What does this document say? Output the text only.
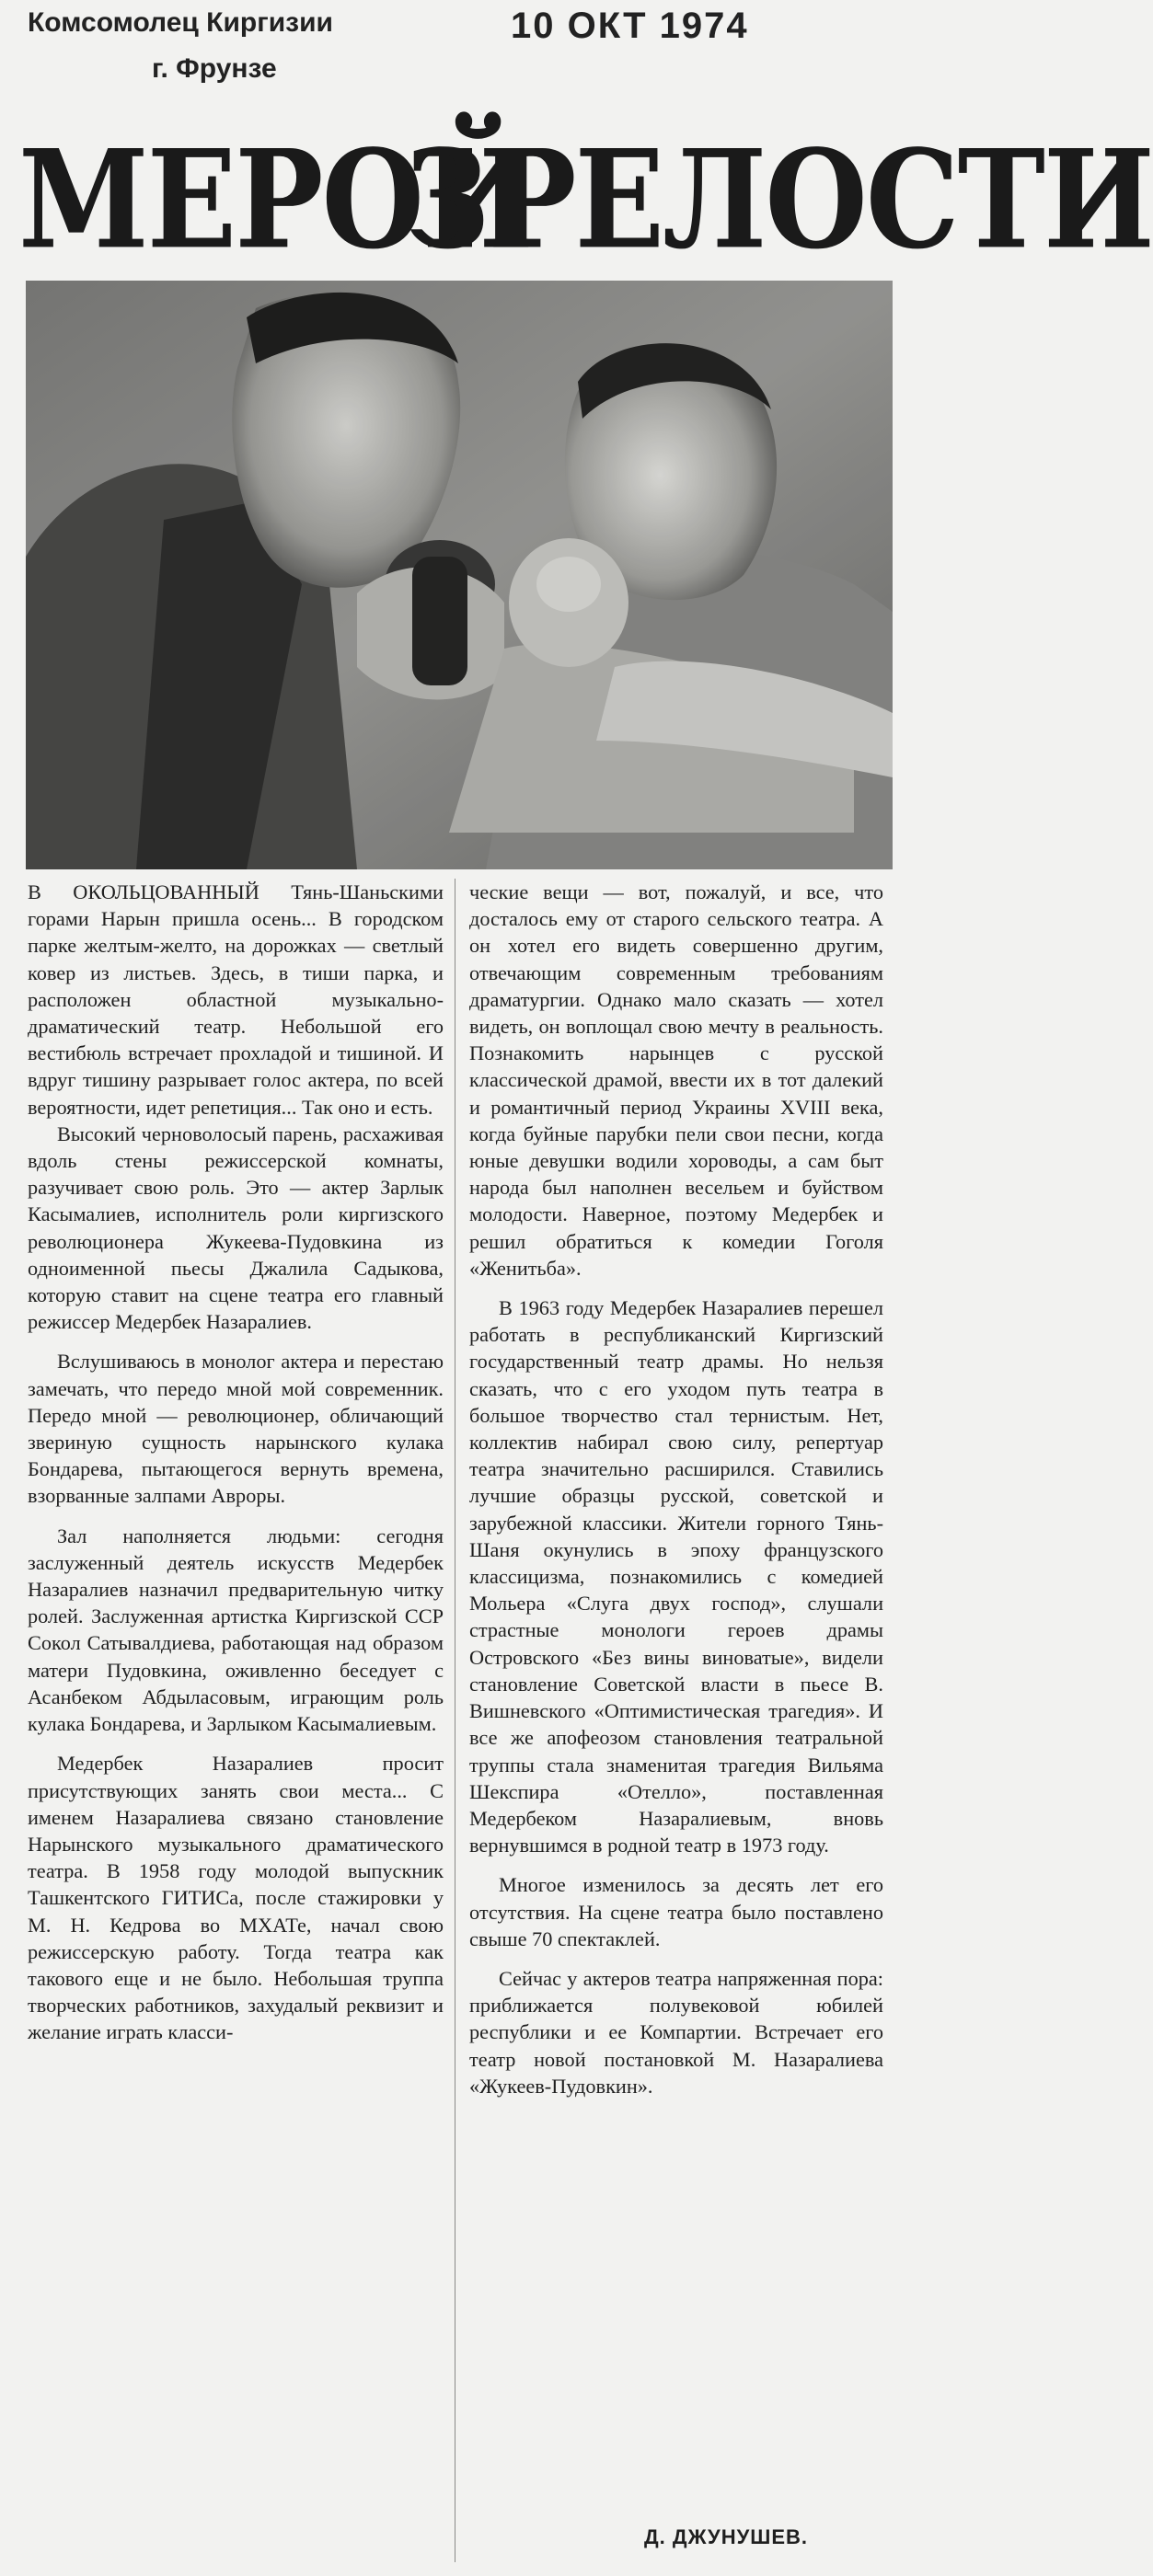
Комсомолец Киргизии	10 ОКТ 1974
г. Фрунзе
МЕРОЙ
ЗРЕЛОСТИ

В ОКОЛЬЦОВАННЫЙ Тянь-Шаньскими горами Нарын пришла осень... В городском парке желтым-желто, на дорожках — светлый ковер из листьев. Здесь, в тиши парка, и расположен областной музыкально-драматический театр. Небольшой его вестибюль встречает прохладой и тишиной. И вдруг тишину разрывает голос актера, по всей вероятности, идет репетиция... Так оно и есть.

Высокий черноволосый парень, расхаживая вдоль стены режиссерской комнаты, разучивает свою роль. Это — актер Зарлык Касымалиев, исполнитель роли киргизского революционера Жукеева-Пудовкина из одноименной пьесы Джалила Садыкова, которую ставит на сцене театра его главный режиссер Медербек Назаралиев.

Вслушиваюсь в монолог актера и перестаю замечать, что передо мной мой современник. Передо мной — революционер, обличающий звериную сущность нарынского кулака Бондарева, пытающегося вернуть времена, взорванные залпами Авроры.

Зал наполняется людьми: сегодня заслуженный деятель искусств Медербек Назаралиев назначил предварительную читку ролей. Заслуженная артистка Киргизской ССР Сокол Сатывалдиева, работающая над образом матери Пудовкина, оживленно беседует с Асанбеком Абдыласовым, играющим роль кулака Бондарева, и Зарлыком Касымалиевым.

Медербек Назаралиев просит присутствующих занять свои места... С именем Назаралиева связано становление Нарынского музыкального драматического театра. В 1958 году молодой выпускник Ташкентского ГИТИСа, после стажировки у М. Н. Кедрова во МХАТе, начал свою режиссерскую работу. Тогда театра как такового еще и не было. Небольшая труппа творческих работников, захудалый реквизит и желание играть класси-

ческие вещи — вот, пожалуй, и все, что досталось ему от старого сельского театра. А он хотел его видеть совершенно другим, отвечающим современным требованиям драматургии. Однако мало сказать — хотел видеть, он воплощал свою мечту в реальность. Познакомить нарынцев с русской классической драмой, ввести их в тот далекий и романтичный период Украины XVIII века, когда буйные парубки пели свои песни, когда юные девушки водили хороводы, а сам быт народа был наполнен весельем и буйством молодости. Наверное, поэтому Медербек и решил обратиться к комедии Гоголя «Женитьба».

В 1963 году Медербек Назаралиев перешел работать в республиканский Киргизский государственный театр драмы. Но нельзя сказать, что с его уходом путь театра в большое творчество стал тернистым. Нет, коллектив набирал свою силу, репертуар театра значительно расширился. Ставились лучшие образцы русской, советской и зарубежной классики. Жители горного Тянь-Шаня окунулись в эпоху французского классицизма, познакомились с комедией Мольера «Слуга двух господ», слушали страстные монологи героев драмы Островского «Без вины виноватые», видели становление Советской власти в пьесе В. Вишневского «Оптимистическая трагедия». И все же апофеозом становления театральной труппы стала знаменитая трагедия Вильяма Шекспира «Отелло», поставленная Медербеком Назаралиевым, вновь вернувшимся в родной театр в 1973 году.

Многое изменилось за десять лет его отсутствия. На сцене театра было поставлено свыше 70 спектаклей.

Сейчас у актеров театра напряженная пора: приближается полувековой юбилей республики и ее Компартии. Встречает его театр новой постановкой М. Назаралиева «Жукеев-Пудовкин».

Д. ДЖУНУШЕВ.
